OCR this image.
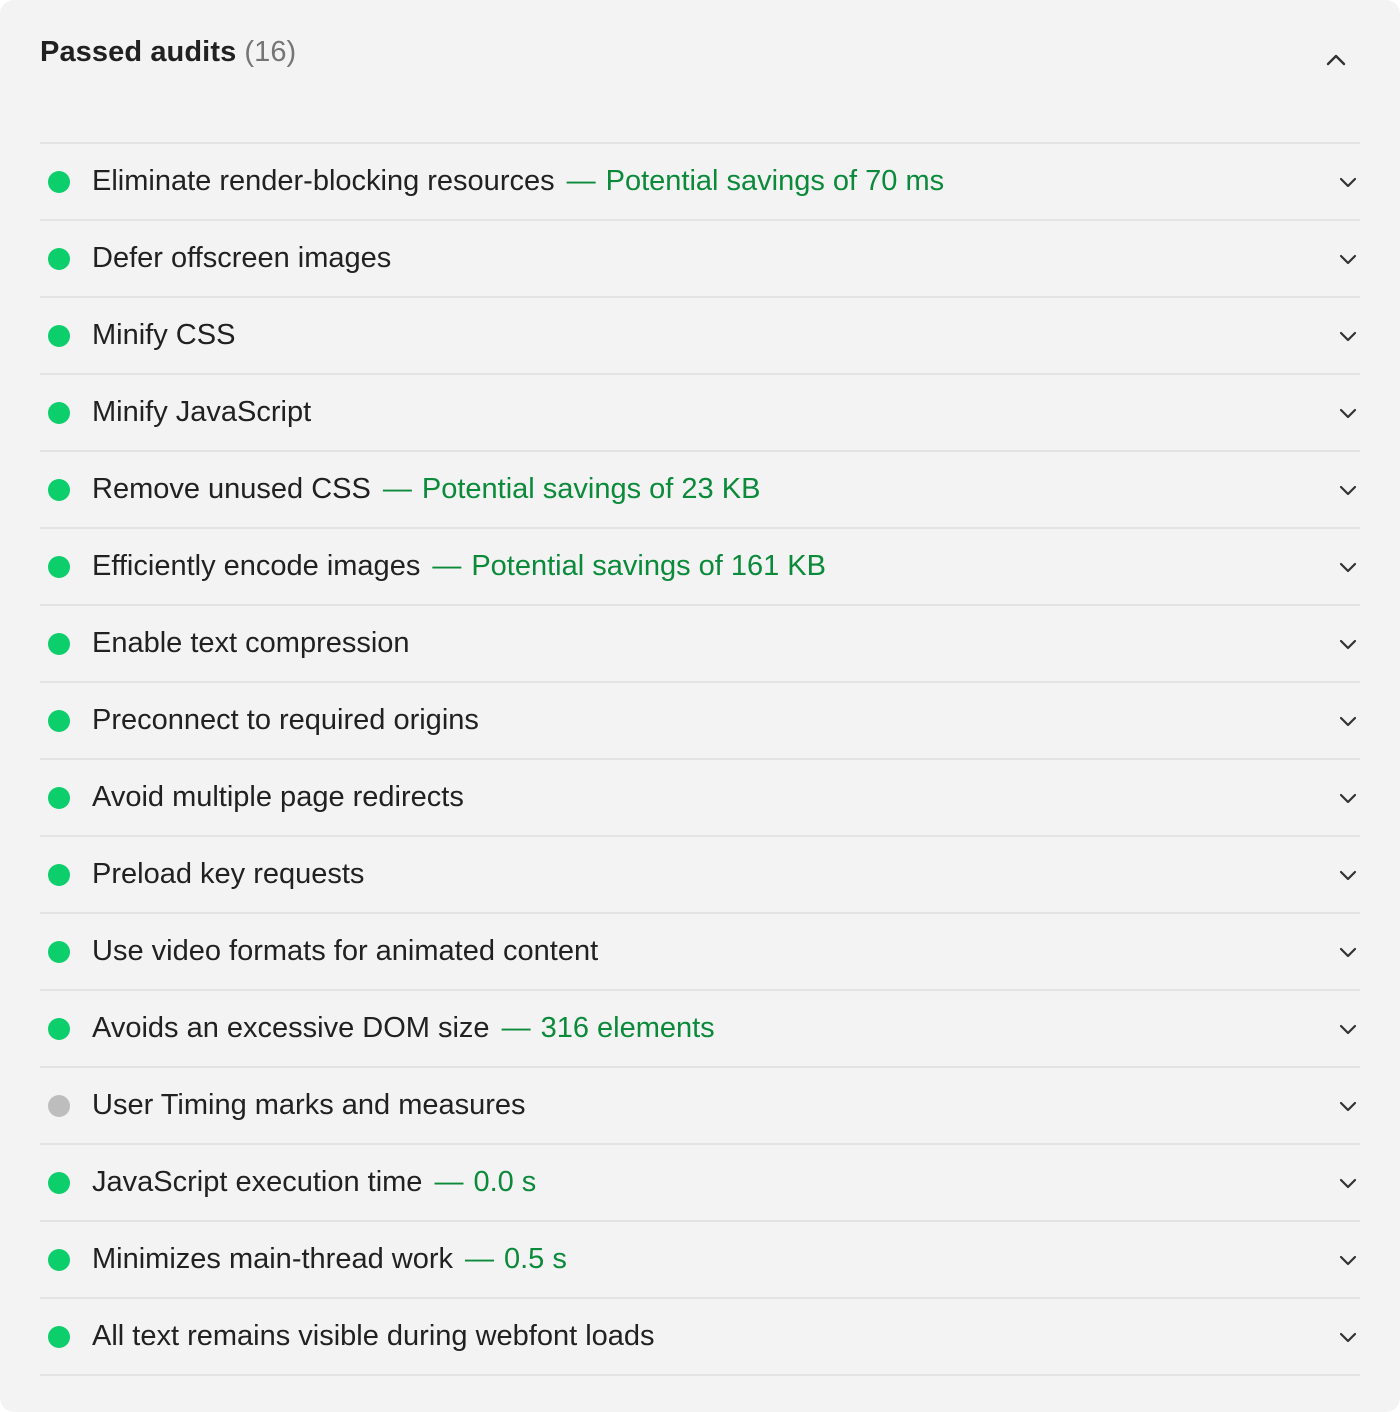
Passed audits (16)
Eliminate render-blocking resources — Potential savings of 70 ms
Defer offscreen images
Minify CSS
Minify JavaScript
Remove unused CSS — Potential savings of 23 KB
Efficiently encode images — Potential savings of 161 KB
Enable text compression
Preconnect to required origins
Avoid multiple page redirects
Preload key requests
Use video formats for animated content
Avoids an excessive DOM size — 316 elements
User Timing marks and measures
JavaScript execution time — 0.0 s
Minimizes main-thread work — 0.5 s
All text remains visible during webfont loads
